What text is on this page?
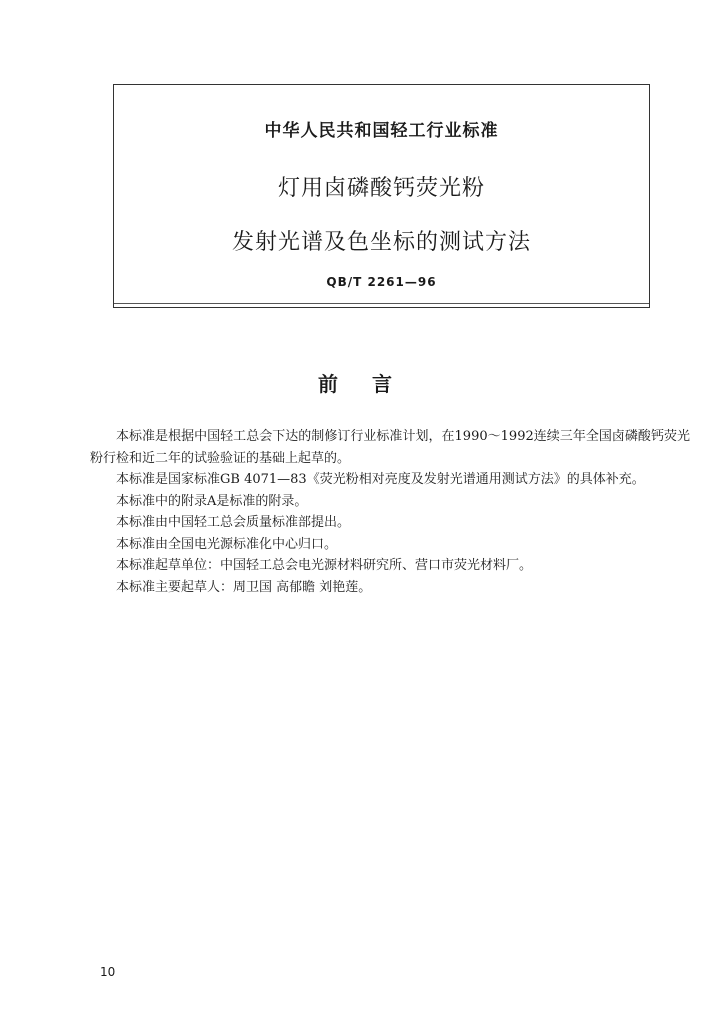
中华人民共和国轻工行业标准
灯用卤磷酸钙荧光粉
发射光谱及色坐标的测试方法
QB/T 2261—96
前言

本标准是根据中国轻工总会下达的制修订行业标准计划，在1990～1992连续三年全国卤磷酸钙荧光粉行检和近二年的试验验证的基础上起草的。

本标准是国家标准GB 4071—83《荧光粉相对亮度及发射光谱通用测试方法》的具体补充。

本标准中的附录A是标准的附录。

本标准由中国轻工总会质量标准部提出。

本标准由全国电光源标准化中心归口。

本标准起草单位：中国轻工总会电光源材料研究所、营口市荧光材料厂。

本标准主要起草人：周卫国 高郁瞻 刘艳莲。

10
